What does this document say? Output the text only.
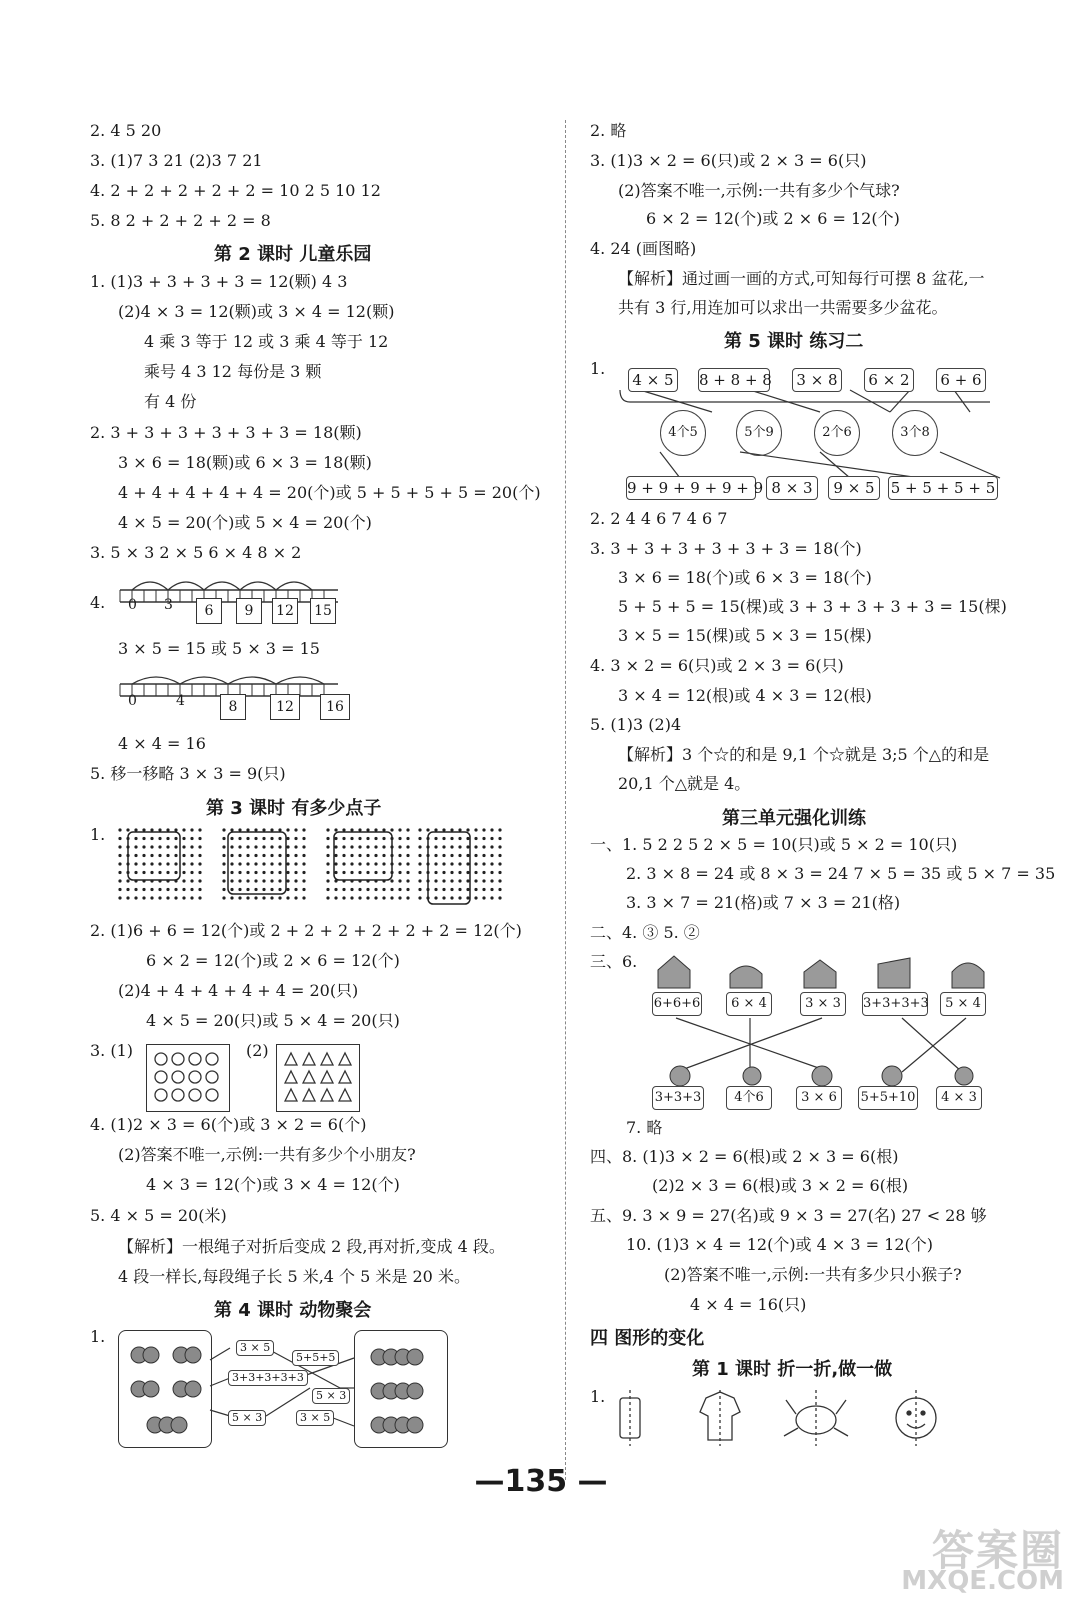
2. 4 5 20
3. (1)7 3 21 (2)3 7 21
4. 2 + 2 + 2 + 2 + 2 = 10 2 5 10 12
5. 8 2 + 2 + 2 + 2 = 8
第 2 课时 儿童乐园
1. (1)3 + 3 + 3 + 3 = 12(颗) 4 3
(2)4 × 3 = 12(颗)或 3 × 4 = 12(颗)
4 乘 3 等于 12 或 3 乘 4 等于 12
乘号 4 3 12 每份是 3 颗
有 4 份
2. 3 + 3 + 3 + 3 + 3 + 3 = 18(颗)
3 × 6 = 18(颗)或 6 × 3 = 18(颗)
4 + 4 + 4 + 4 + 4 = 20(个)或 5 + 5 + 5 + 5 = 20(个)
4 × 5 = 20(个)或 5 × 4 = 20(个)
3. 5 × 3 2 × 5 6 × 4 8 × 2
4. 0 3	6	9	12 15
3 × 5 = 15 或 5 × 3 = 15
0	4	8	12	16
4 × 4 = 16
5. 移一移略 3 × 3 = 9(只)
第 3 课时 有多少点子
1.
2. (1)6 + 6 = 12(个)或 2 + 2 + 2 + 2 + 2 + 2 = 12(个)
6 × 2 = 12(个)或 2 × 6 = 12(个)
(2)4 + 4 + 4 + 4 + 4 = 20(只)
4 × 5 = 20(只)或 5 × 4 = 20(只)
3. (1)	(2)
4. (1)2 × 3 = 6(个)或 3 × 2 = 6(个)
(2)答案不唯一,示例:一共有多少个小朋友?
4 × 3 = 12(个)或 3 × 4 = 12(个)
5. 4 × 5 = 20(米)
【解析】一根绳子对折后变成 2 段,再对折,变成 4 段。
4 段一样长,每段绳子长 5 米,4 个 5 米是 20 米。
第 4 课时 动物聚会
1.
3 × 5
5+5+5
3+3+3+3+3
5 × 3
5 × 3	3 × 5
2. 略
3. (1)3 × 2 = 6(只)或 2 × 3 = 6(只)
(2)答案不唯一,示例:一共有多少个气球?
6 × 2 = 12(个)或 2 × 6 = 12(个)
4. 24 (画图略)
【解析】通过画一画的方式,可知每行可摆 8 盆花,一
共有 3 行,用连加可以求出一共需要多少盆花。
第 5 课时 练习二
1.
4 × 5 8 + 8 + 8 3 × 8 6 × 2 6 + 6
4个5	5个9	2个6	3个8
9 + 9 + 9 + 9 + 9 8 × 3	9 × 5	5 + 5 + 5 + 5
2. 2 4 4 6 7 4 6 7
3. 3 + 3 + 3 + 3 + 3 + 3 = 18(个)
3 × 6 = 18(个)或 6 × 3 = 18(个)
5 + 5 + 5 = 15(棵)或 3 + 3 + 3 + 3 + 3 = 15(棵)
3 × 5 = 15(棵)或 5 × 3 = 15(棵)
4. 3 × 2 = 6(只)或 2 × 3 = 6(只)
3 × 4 = 12(根)或 4 × 3 = 12(根)
5. (1)3 (2)4
【解析】3 个☆的和是 9,1 个☆就是 3;5 个△的和是
20,1 个△就是 4。
第三单元强化训练
一、1. 5 2 2 5 2 × 5 = 10(只)或 5 × 2 = 10(只)
2. 3 × 8 = 24 或 8 × 3 = 24 7 × 5 = 35 或 5 × 7 = 35
3. 3 × 7 = 21(格)或 7 × 3 = 21(格)
二、4. ③ 5. ②
三、6.
6+6+6	6 × 4	3 × 3	3+3+3+3	5 × 4
3+3+3	4个6	3 × 6	5+5+10	4 × 3
7. 略
四、8. (1)3 × 2 = 6(根)或 2 × 3 = 6(根)
(2)2 × 3 = 6(根)或 3 × 2 = 6(根)
五、9. 3 × 9 = 27(名)或 9 × 3 = 27(名) 27 < 28 够
10. (1)3 × 4 = 12(个)或 4 × 3 = 12(个)
(2)答案不唯一,示例:一共有多少只小猴子?
4 × 4 = 16(只)
四 图形的变化
第 1 课时 折一折,做一做
1.
—135 —
答案圈
MXQE.COM
